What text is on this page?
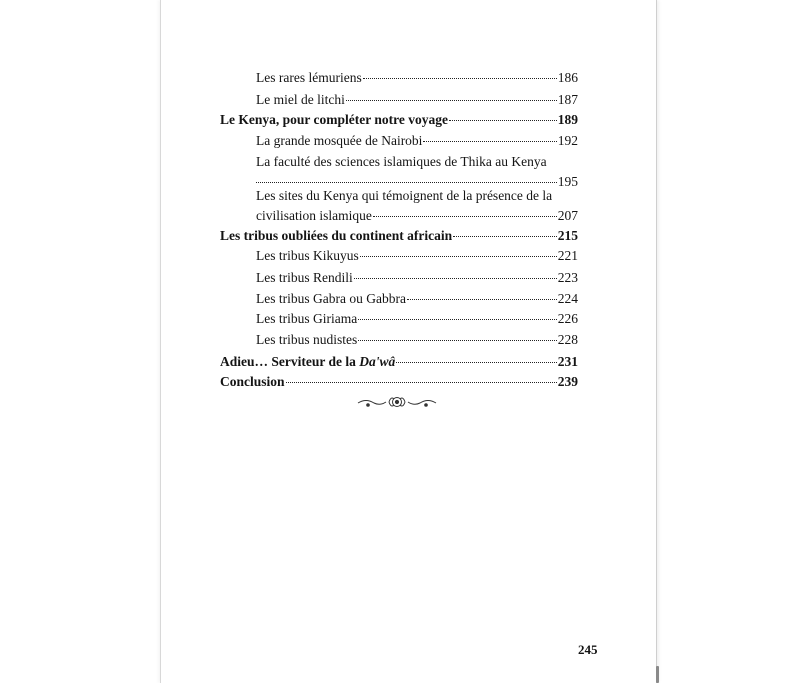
Les rares lémuriens	186
Le miel de litchi	187
Le Kenya, pour compléter notre voyage	189
La grande mosquée de Nairobi	192
La faculté des sciences islamiques de Thika au Kenya
195
Les sites du Kenya qui témoignent de la présence de la
civilisation islamique	207
Les tribus oubliées du continent africain	215
Les tribus Kikuyus	221
Les tribus Rendili	223
Les tribus Gabra ou Gabbra	224
Les tribus Giriama	226
Les tribus nudistes	228
Adieu… Serviteur de la Da'wâ	231
Conclusion	239
245
